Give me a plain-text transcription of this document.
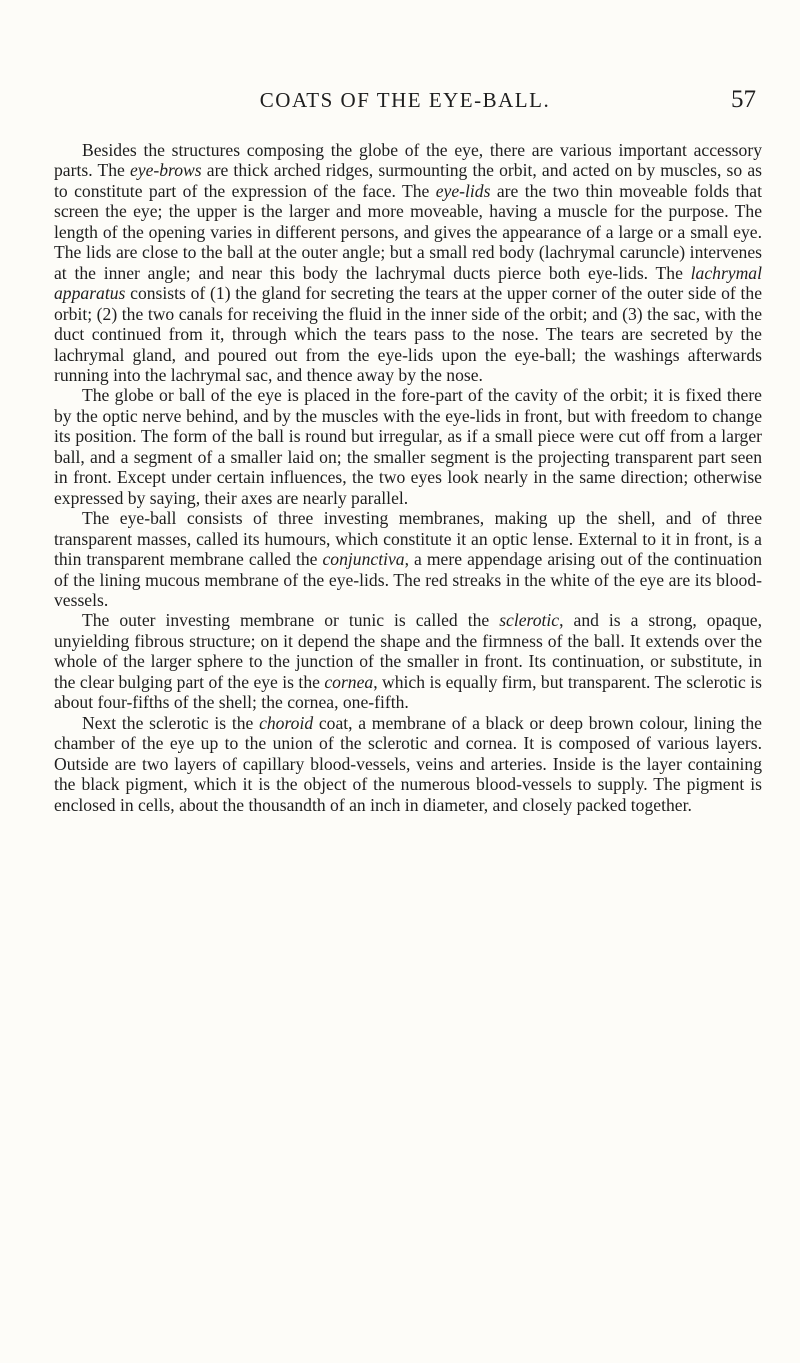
COATS OF THE EYE-BALL.	57

Besides the structures composing the globe of the eye, there are various important accessory parts. The eye-brows are thick arched ridges, surmounting the orbit, and acted on by muscles, so as to constitute part of the expression of the face. The eye-lids are the two thin moveable folds that screen the eye; the upper is the larger and more moveable, having a muscle for the purpose. The length of the opening varies in different persons, and gives the appearance of a large or a small eye. The lids are close to the ball at the outer angle; but a small red body (lachrymal caruncle) intervenes at the inner angle; and near this body the lachrymal ducts pierce both eye-lids. The lachrymal apparatus consists of (1) the gland for secreting the tears at the upper corner of the outer side of the orbit; (2) the two canals for receiving the fluid in the inner side of the orbit; and (3) the sac, with the duct continued from it, through which the tears pass to the nose. The tears are secreted by the lachrymal gland, and poured out from the eye-lids upon the eye-ball; the washings afterwards running into the lachrymal sac, and thence away by the nose.

The globe or ball of the eye is placed in the fore-part of the cavity of the orbit; it is fixed there by the optic nerve behind, and by the muscles with the eye-lids in front, but with freedom to change its position. The form of the ball is round but irregular, as if a small piece were cut off from a larger ball, and a segment of a smaller laid on; the smaller segment is the projecting transparent part seen in front. Except under certain influences, the two eyes look nearly in the same direction; otherwise expressed by saying, their axes are nearly parallel.

The eye-ball consists of three investing membranes, making up the shell, and of three transparent masses, called its humours, which constitute it an optic lense. External to it in front, is a thin transparent membrane called the conjunctiva, a mere appendage arising out of the continuation of the lining mucous membrane of the eye-lids. The red streaks in the white of the eye are its blood-vessels.

The outer investing membrane or tunic is called the sclerotic, and is a strong, opaque, unyielding fibrous structure; on it depend the shape and the firmness of the ball. It extends over the whole of the larger sphere to the junction of the smaller in front. Its continuation, or substitute, in the clear bulging part of the eye is the cornea, which is equally firm, but transparent. The sclerotic is about four-fifths of the shell; the cornea, one-fifth.

Next the sclerotic is the choroid coat, a membrane of a black or deep brown colour, lining the chamber of the eye up to the union of the sclerotic and cornea. It is composed of various layers. Outside are two layers of capillary blood-vessels, veins and arteries. Inside is the layer containing the black pigment, which it is the object of the numerous blood-vessels to supply. The pigment is enclosed in cells, about the thousandth of an inch in diameter, and closely packed together.
